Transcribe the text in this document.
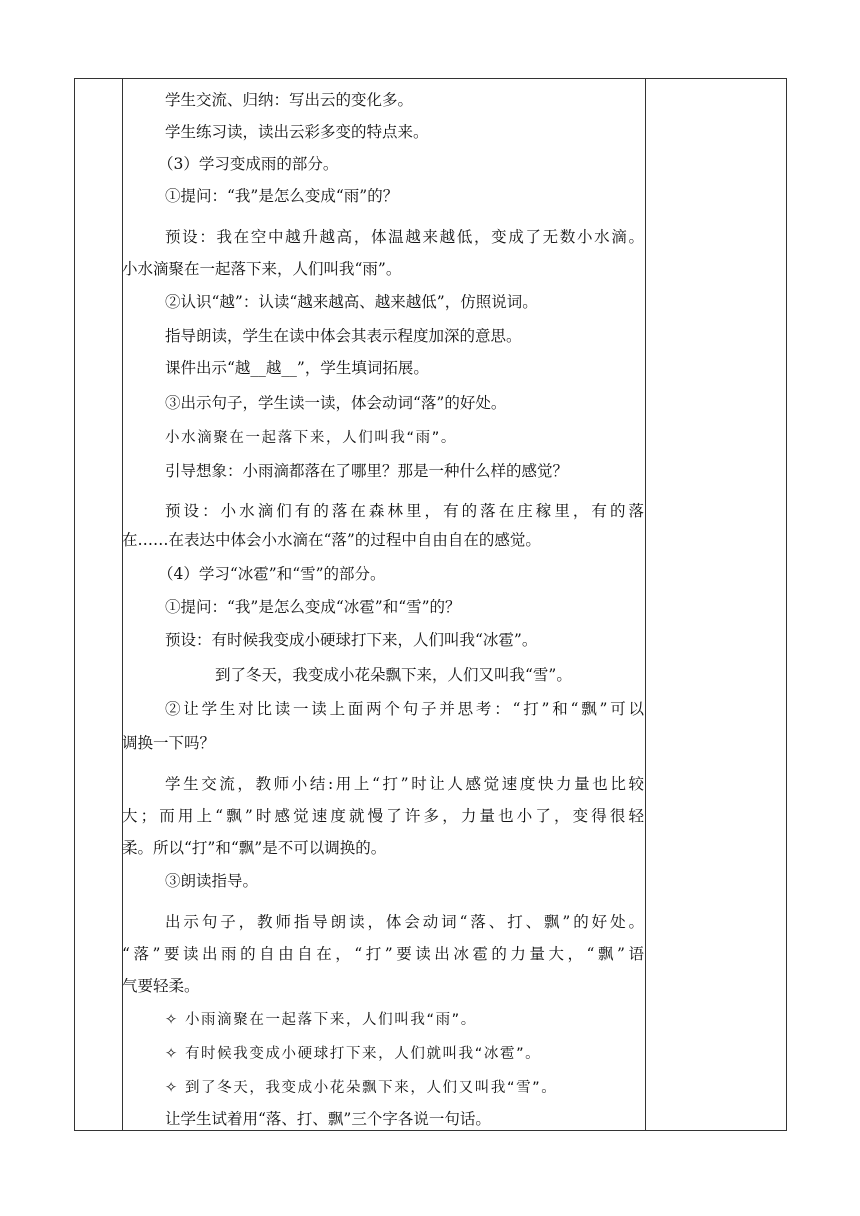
学生交流、归纳：写出云的变化多。
学生练习读，读出云彩多变的特点来。
（3）学习变成雨的部分。
①提问：“我”是怎么变成“雨”的？
预设：我在空中越升越高，体温越来越低，变成了无数小水滴。
小水滴聚在一起落下来，人们叫我“雨”。
②认识“越”：认读“越来越高、越来越低”，仿照说词。
指导朗读，学生在读中体会其表示程度加深的意思。
课件出示“越__越__”，学生填词拓展。
③出示句子，学生读一读，体会动词“落”的好处。
小水滴聚在一起落下来，人们叫我“雨”。
引导想象：小雨滴都落在了哪里？那是一种什么样的感觉？
预设：小水滴们有的落在森林里，有的落在庄稼里，有的落
在……在表达中体会小水滴在“落”的过程中自由自在的感觉。
（4）学习“冰雹”和“雪”的部分。
①提问：“我”是怎么变成“冰雹”和“雪”的？
预设：有时候我变成小硬球打下来，人们叫我“冰雹”。
到了冬天，我变成小花朵飘下来，人们又叫我“雪”。
②让学生对比读一读上面两个句子并思考：“打”和“飘”可以
调换一下吗？
学生交流，教师小结:用上“打”时让人感觉速度快力量也比较
大；而用上“飘”时感觉速度就慢了许多，力量也小了，变得很轻
柔。所以“打”和“飘”是不可以调换的。
③朗读指导。
出示句子，教师指导朗读，体会动词“落、打、飘”的好处。
“落”要读出雨的自由自在，“打”要读出冰雹的力量大，“飘”语
气要轻柔。
✧ 小雨滴聚在一起落下来，人们叫我“雨”。
✧ 有时候我变成小硬球打下来，人们就叫我“冰雹”。
✧ 到了冬天，我变成小花朵飘下来，人们又叫我“雪”。
让学生试着用“落、打、飘”三个字各说一句话。
